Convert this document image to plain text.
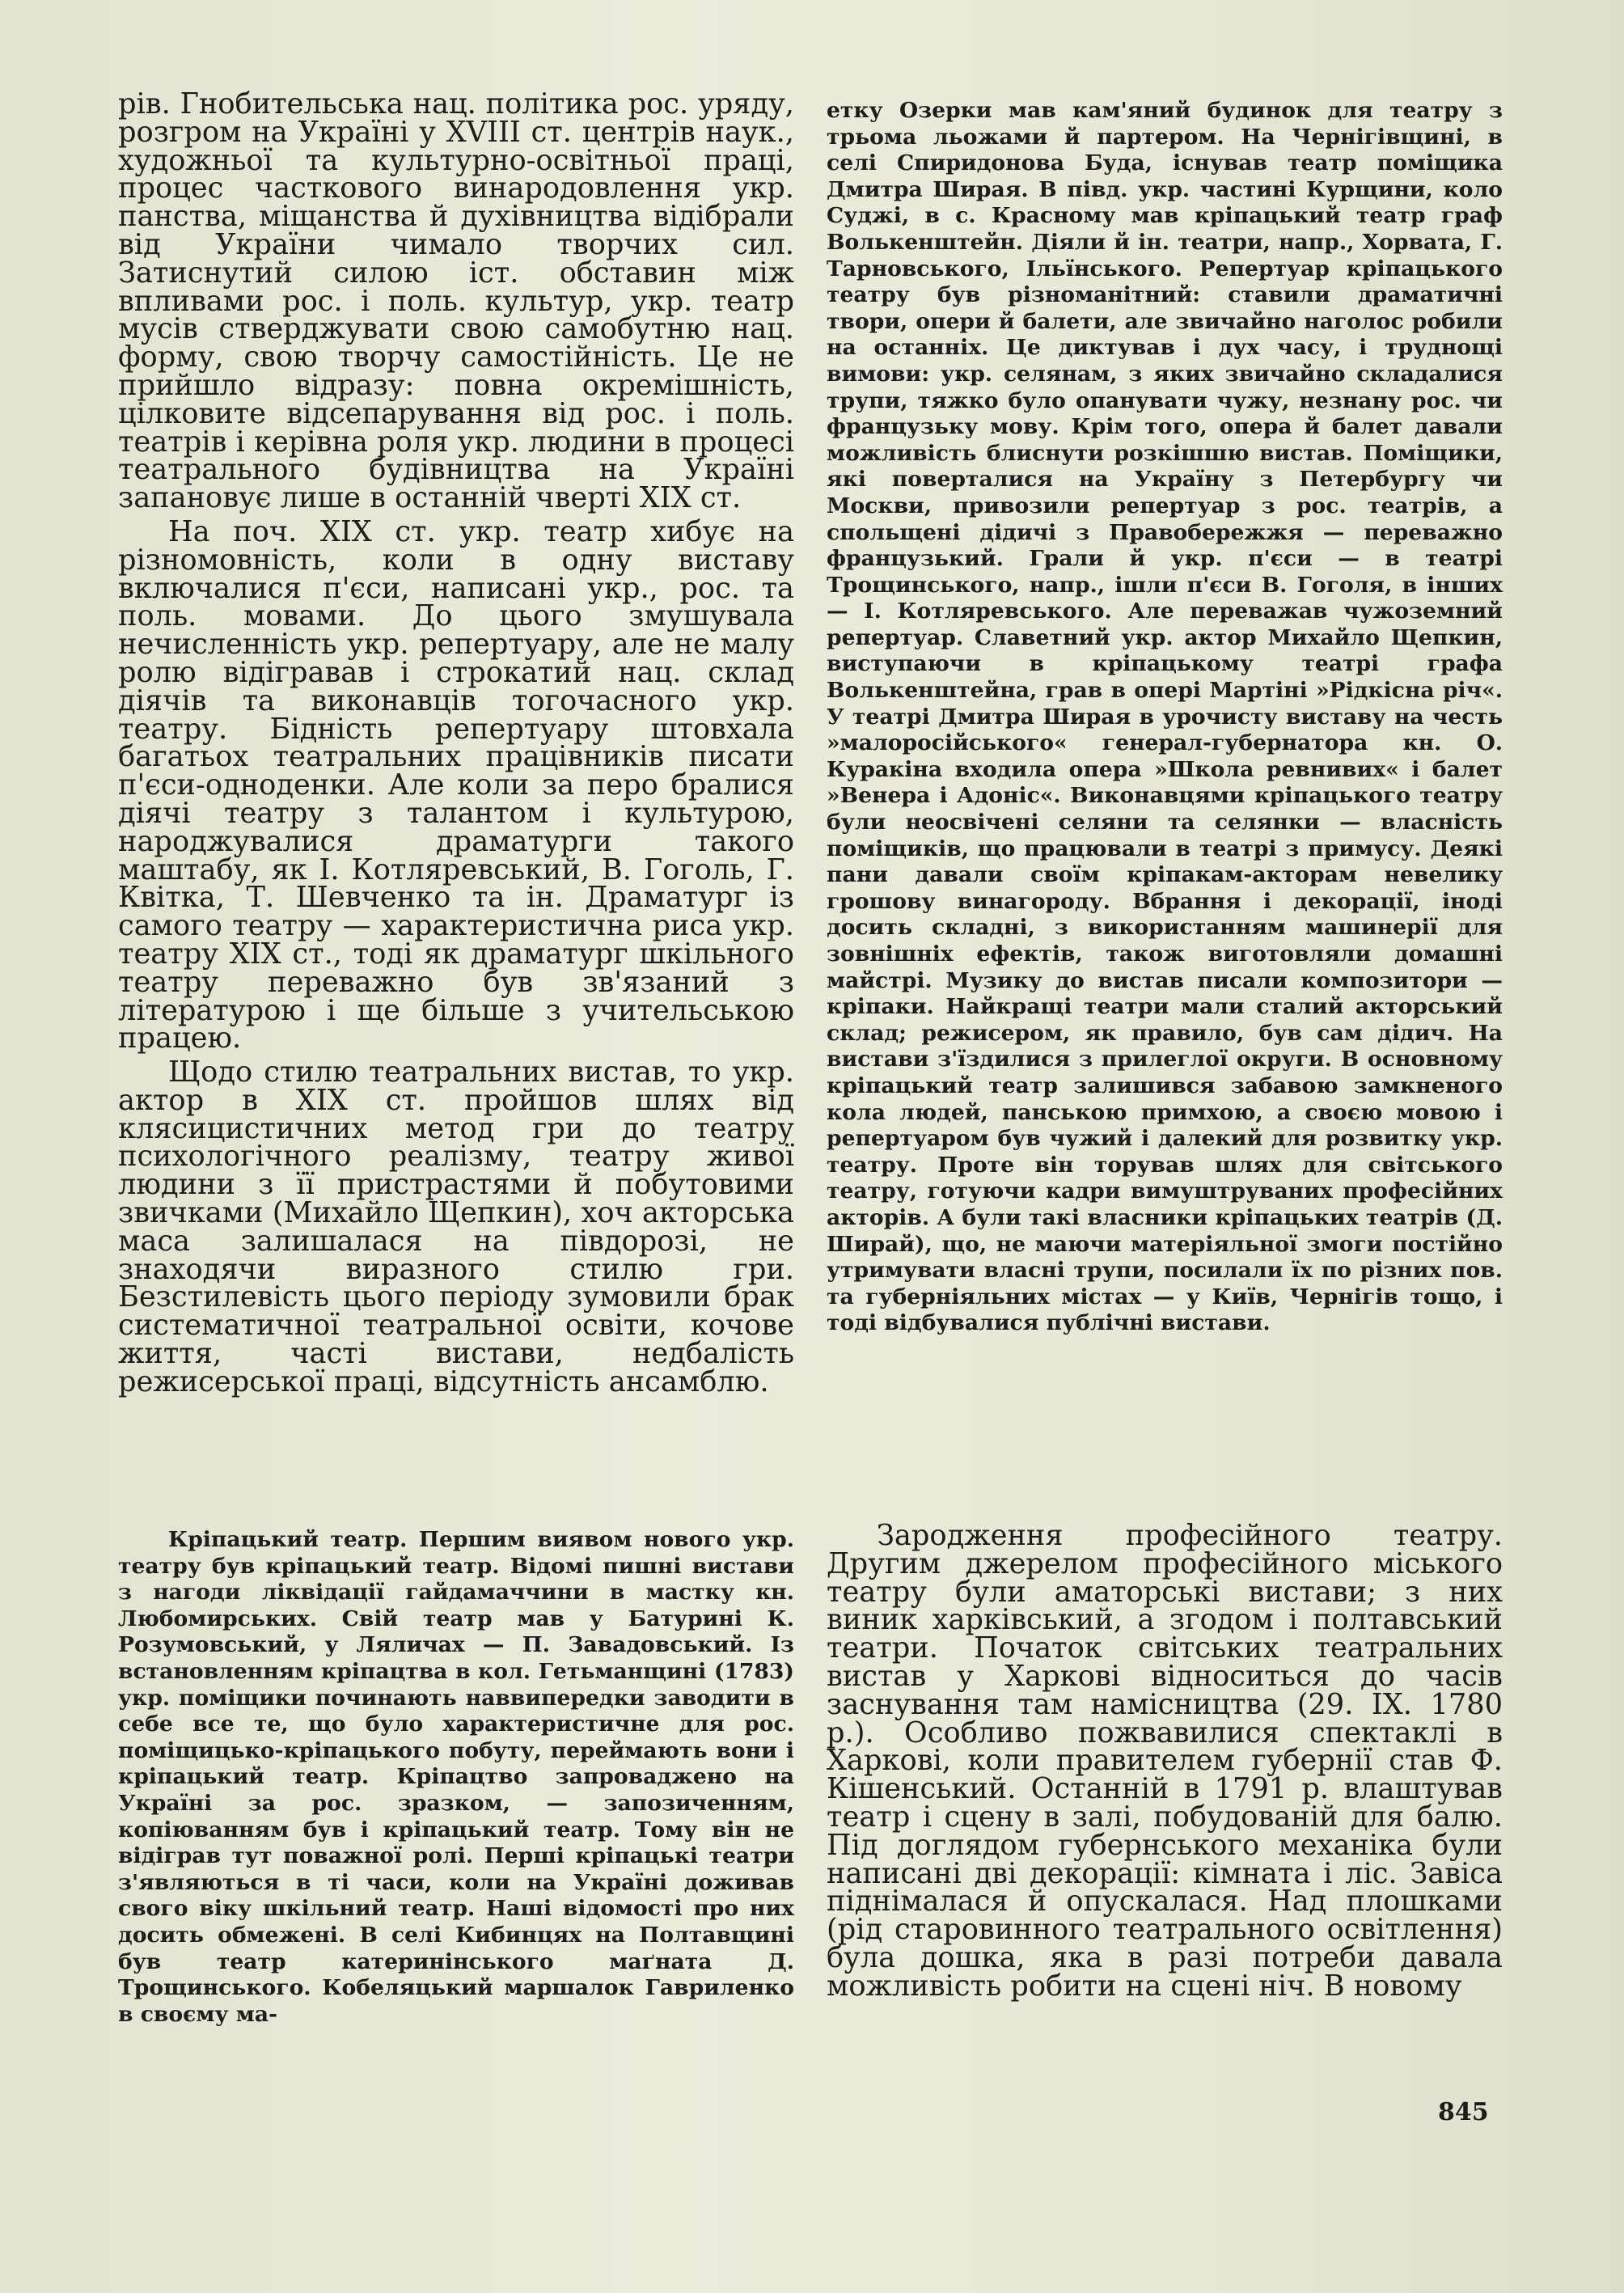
рів. Гнобительська нац. політика рос. уряду, розгром на Україні у XVIII ст. центрів наук., художньої та культурно-освітньої праці, процес часткового винародовлення укр. панства, міщанства й духівництва відібрали від України чимало творчих сил. Затиснутий силою іст. обставин між впливами рос. і поль. культур, укр. театр мусів стверджувати свою самобутню нац. форму, свою творчу самостійність. Це не прийшло відразу: повна окремішність, цілковите відсепарування від рос. і поль. театрів і керівна роля укр. людини в процесі театрального будівництва на Україні запановує лише в останній чверті XIX ст.

На поч. XIX ст. укр. театр хибує на різномовність, коли в одну виставу включалися п'єси, написані укр., рос. та поль. мовами. До цього змушувала нечисленність укр. репертуару, але не малу ролю відігравав і строкатий нац. склад діячів та виконавців тогочасного укр. театру. Бідність репертуару штовхала багатьох театральних працівників писати п'єси-одноденки. Але коли за перо бралися діячі театру з талантом і культурою, народжувалися драматурги такого маштабу, як І. Котляревський, В. Гоголь, Г. Квітка, Т. Шевченко та ін. Драматург із самого театру — характеристична риса укр. театру XIX ст., тоді як драматург шкільного театру переважно був зв'язаний з літературою і ще більше з учительською працею.

Щодо стилю театральних вистав, то укр. актор в XIX ст. пройшов шлях від клясицистичних метод гри до театру психологічного реалізму, театру живої людини з її пристрастями й побутовими звичками (Михайло Щепкин), хоч акторська маса залишалася на півдорозі, не знаходячи виразного стилю гри. Безстилевість цього періоду зумовили брак систематичної театральної освіти, кочове життя, часті вистави, недбалість режисерської праці, відсутність ансамблю.

Кріпацький театр. Першим виявом нового укр. театру був кріпацький театр. Відомі пишні вистави з нагоди ліквідації гайдамаччини в мастку кн. Любомирських. Свій театр мав у Батурині К. Розумовський, у Ляличах — П. Завадовський. Із встановленням кріпацтва в кол. Гетьманщині (1783) укр. поміщики починають наввипередки заводити в себе все те, що було характеристичне для рос. поміщицько-кріпацького побуту, переймають вони і кріпацький театр. Кріпацтво запроваджено на Україні за рос. зразком, — запозиченням, копіюванням був і кріпацький театр. Тому він не відіграв тут поважної ролі. Перші кріпацькі театри з'являються в ті часи, коли на Україні доживав свого віку шкільний театр. Наші відомості про них досить обмежені. В селі Кибинцях на Полтавщині був театр катеринінського маґната Д. Трощинського. Кобеляцький маршалок Гавриленко в своєму ма-

етку Озерки мав кам'яний будинок для театру з трьома льожами й партером. На Чернігівщині, в селі Спиридонова Буда, існував театр поміщика Дмитра Ширая. В півд. укр. частині Курщини, коло Суджі, в с. Красному мав кріпацький театр граф Волькенштейн. Діяли й ін. театри, напр., Хорвата, Г. Тарновського, Ільїнського. Репертуар кріпацького театру був різноманітний: ставили драматичні твори, опери й балети, але звичайно наголос робили на останніх. Це диктував і дух часу, і труднощі вимови: укр. селянам, з яких звичайно складалися трупи, тяжко було опанувати чужу, незнану рос. чи французьку мову. Крім того, опера й балет давали можливість блиснути розкішшю вистав. Поміщики, які поверталися на Україну з Петербургу чи Москви, привозили репертуар з рос. театрів, а спольщені дідичі з Правобережжя — переважно французький. Грали й укр. п'єси — в театрі Трощинського, напр., ішли п'єси В. Гоголя, в інших — І. Котляревського. Але переважав чужоземний репертуар. Славетний укр. актор Михайло Щепкин, виступаючи в кріпацькому театрі графа Волькенштейна, грав в опері Мартіні »Рідкісна річ«. У театрі Дмитра Ширая в урочисту виставу на честь »малоросійського« генерал-губернатора кн. О. Куракіна входила опера »Школа ревнивих« і балет »Венера і Адоніс«. Виконавцями кріпацького театру були неосвічені селяни та селянки — власність поміщиків, що працювали в театрі з примусу. Деякі пани давали своїм кріпакам-акторам невелику грошову винагороду. Вбрання і декорації, іноді досить складні, з використанням машинерії для зовнішніх ефектів, також виготовляли домашні майстрі. Музику до вистав писали композитори — кріпаки. Найкращі театри мали сталий акторський склад; режисером, як правило, був сам дідич. На вистави з'їздилися з прилеглої округи. В основному кріпацький театр залишився забавою замкненого кола людей, панською примхою, а своєю мовою і репертуаром був чужий і далекий для розвитку укр. театру. Проте він торував шлях для світського театру, готуючи кадри вимуштруваних професійних акторів. А були такі власники кріпацьких театрів (Д. Ширай), що, не маючи матеріяльної змоги постійно утримувати власні трупи, посилали їх по різних пов. та губерніяльних містах — у Київ, Чернігів тощо, і тоді відбувалися публічні вистави.

Зародження професійного театру. Другим джерелом професійного міського театру були аматорські вистави; з них виник харківський, а згодом і полтавський театри. Початок світських театральних вистав у Харкові відноситься до часів заснування там намісництва (29. IX. 1780 р.). Особливо пожвавилися спектаклі в Харкові, коли правителем губернії став Ф. Кішенський. Останній в 1791 р. влаштував театр і сцену в залі, побудованій для балю. Під доглядом губернського механіка були написані дві декорації: кімната і ліс. Завіса піднімалася й опускалася. Над плошками (рід старовинного театрального освітлення) була дошка, яка в разі потреби давала можливість робити на сцені ніч. В новому

845
